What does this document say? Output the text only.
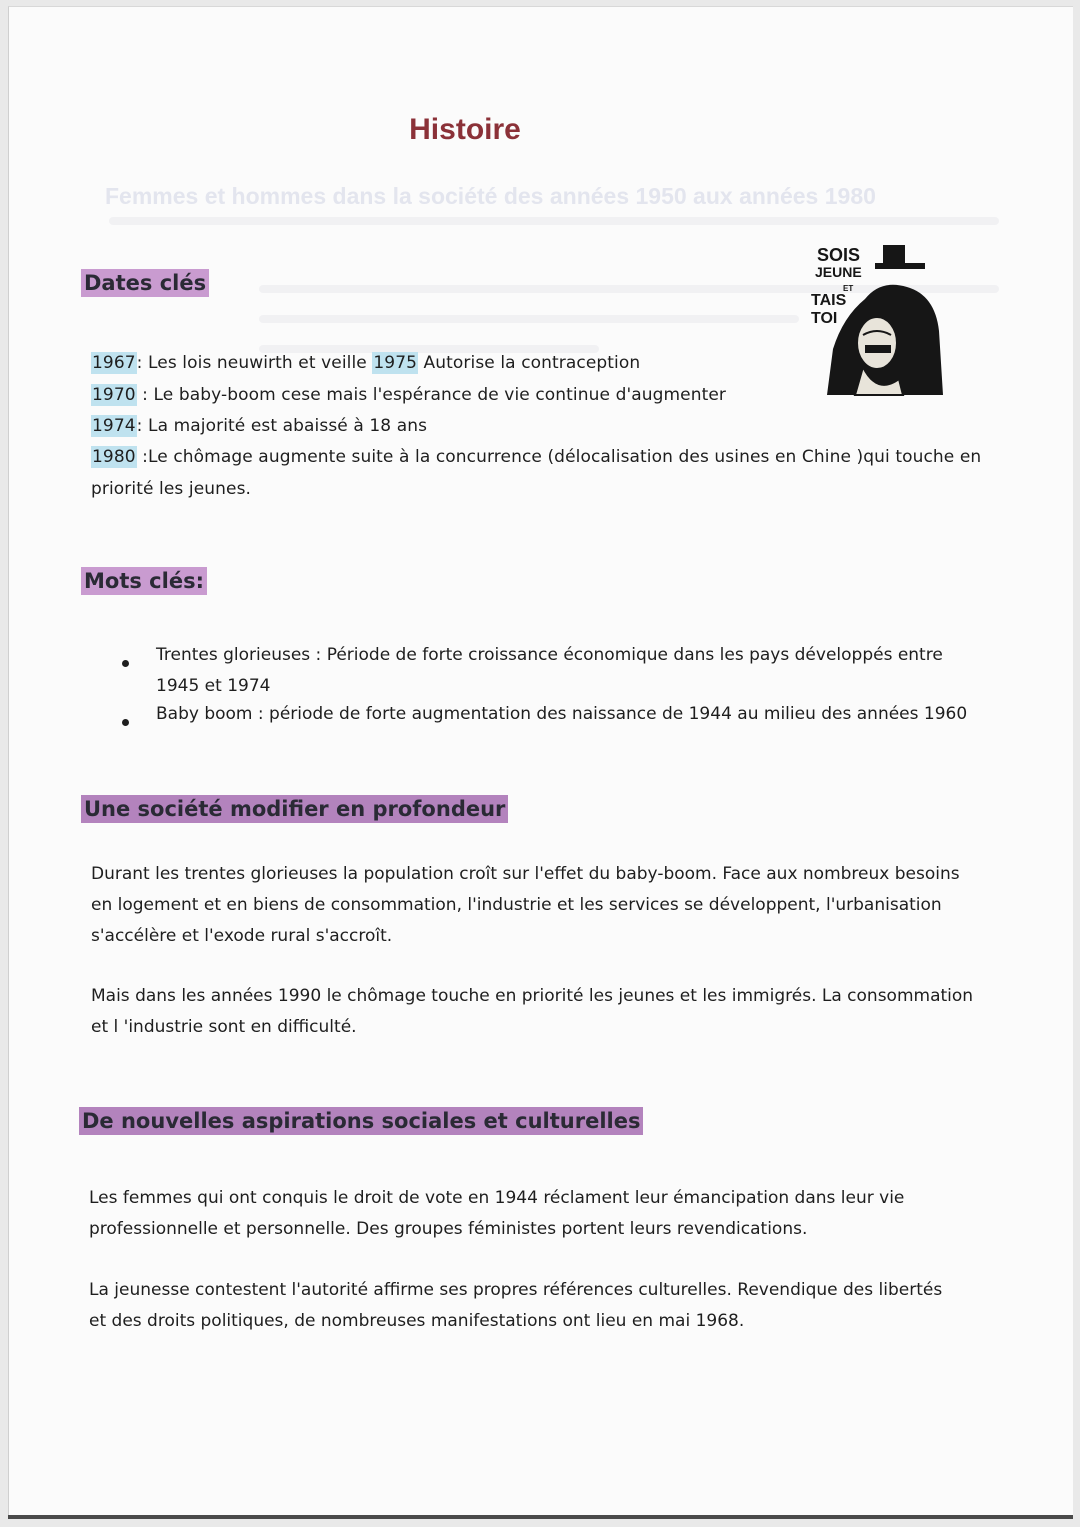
Histoire
Femmes et hommes dans la société des années 1950 aux années 1980
SOIS
JEUNE
ET
TAIS
TOI
Dates clés
1967: Les lois neuwirth et veille 1975 Autorise la contraception
1970 : Le baby-boom cese mais l'espérance de vie continue d'augmenter
1974: La majorité est abaissé à 18 ans
1980 :Le chômage augmente suite à la concurrence (délocalisation des usines en Chine )qui touche en
priorité les jeunes.
Mots clés:
Trentes glorieuses : Période de forte croissance économique dans les pays développés entre
1945 et 1974
Baby boom : période de forte augmentation des naissance de 1944 au milieu des années 1960
Une société modifier en profondeur
Durant les trentes glorieuses la population croît sur l'effet du baby-boom. Face aux nombreux besoins
en logement et en biens de consommation, l'industrie et les services se développent, l'urbanisation
s'accélère et l'exode rural s'accroît.
Mais dans les années 1990 le chômage touche en priorité les jeunes et les immigrés. La consommation
et l 'industrie sont en difficulté.
De nouvelles aspirations sociales et culturelles
Les femmes qui ont conquis le droit de vote en 1944 réclament leur émancipation dans leur vie
professionnelle et personnelle. Des groupes féministes portent leurs revendications.
La jeunesse contestent l'autorité affirme ses propres références culturelles. Revendique des libertés
et des droits politiques, de nombreuses manifestations ont lieu en mai 1968.
